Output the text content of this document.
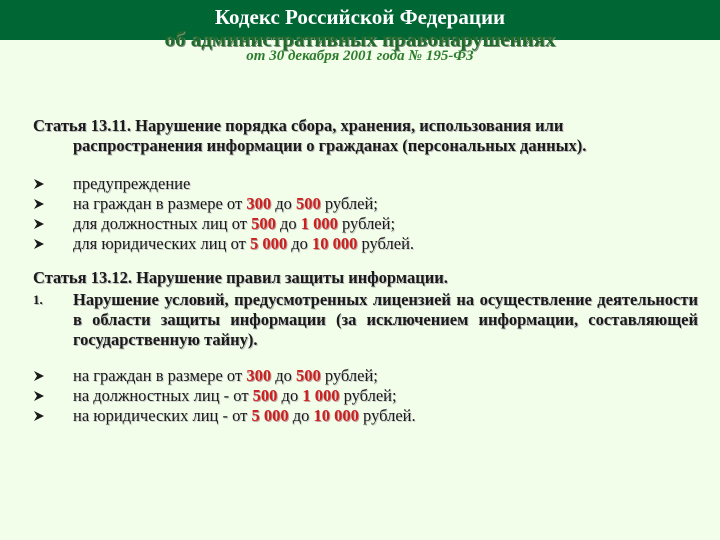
Кодекс Российской Федерации
об административных правонарушениях
от 30 декабря 2001 года № 195-ФЗ
Статья 13.11. Нарушение порядка сбора, хранения, использования или
распространения информации о гражданах (персональных данных).
предупреждение
на граждан в размере от 300 до 500 рублей;
для должностных лиц от 500 до 1 000 рублей;
для юридических лиц от 5 000 до 10 000 рублей.
Статья 13.12. Нарушение правил защиты информации.
1. Нарушение условий, предусмотренных лицензией на осуществление деятельности в области защиты информации (за исключением информации, составляющей государственную тайну).
на граждан в размере от 300 до 500 рублей;
на должностных лиц - от 500 до 1 000 рублей;
на юридических лиц - от 5 000 до 10 000 рублей.
